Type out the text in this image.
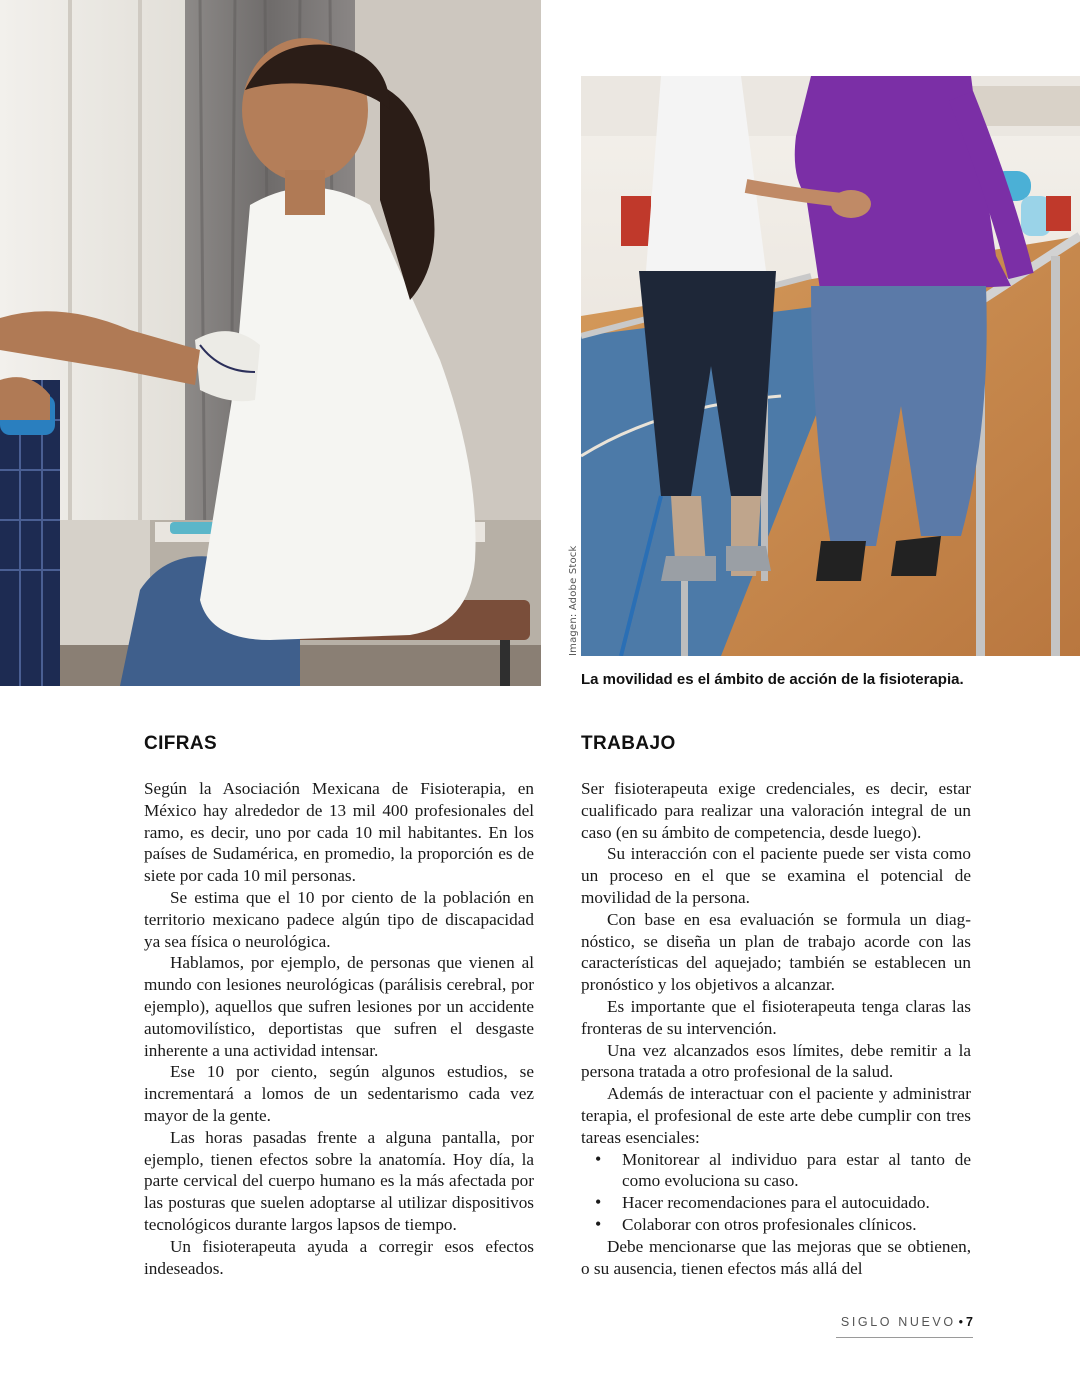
Imagen: Adobe Stock
La movilidad es el ámbito de acción de la fisioterapia.
CIFRAS	TRABAJO

Según la Asociación Mexicana de Fisioterapia, en México hay alrededor de 13 mil 400 profesionales del ramo, es decir, uno por cada 10 mil habitantes. En los países de Sudamérica, en promedio, la proporción es de siete por cada 10 mil personas.

Se estima que el 10 por ciento de la población en territorio mexicano padece algún tipo de discapacidad ya sea física o neurológica.

Hablamos, por ejemplo, de personas que vienen al mundo con lesiones neurológicas (parálisis cerebral, por ejemplo), aquellos que sufren lesiones por un accidente automovilístico, deportistas que sufren el desgaste inherente a una actividad intensar.

Ese 10 por ciento, según algunos estudios, se incrementará a lomos de un sedentarismo cada vez mayor de la gente.

Las horas pasadas frente a alguna pantalla, por ejemplo, tienen efectos sobre la anatomía. Hoy día, la parte cervical del cuerpo humano es la más afectada por las posturas que suelen adoptarse al utilizar dispositivos tecnológicos durante largos lapsos de tiempo.

Un fisioterapeuta ayuda a corregir esos efectos indeseados.

Ser fisioterapeuta exige credenciales, es decir, estar cualificado para realizar una valoración integral de un caso (en su ámbito de competencia, desde luego).

Su interacción con el paciente puede ser vista como un proceso en el que se examina el potencial de movilidad de la persona.

Con base en esa evaluación se formula un diagnóstico, se diseña un plan de trabajo acorde con las características del aquejado; también se establecen un pronóstico y los objetivos a alcanzar.

Es importante que el fisioterapeuta tenga claras las fronteras de su intervención.

Una vez alcanzados esos límites, debe remitir a la persona tratada a otro profesional de la salud.

Además de interactuar con el paciente y administrar terapia, el profesional de este arte debe cumplir con tres tareas esenciales:

• Monitorear al individuo para estar al tanto de como evoluciona su caso.
• Hacer recomendaciones para el autocuidado.
• Colaborar con otros profesionales clínicos.

Debe mencionarse que las mejoras que se obtienen, o su ausencia, tienen efectos más allá del

SIGLO NUEVO • 7
